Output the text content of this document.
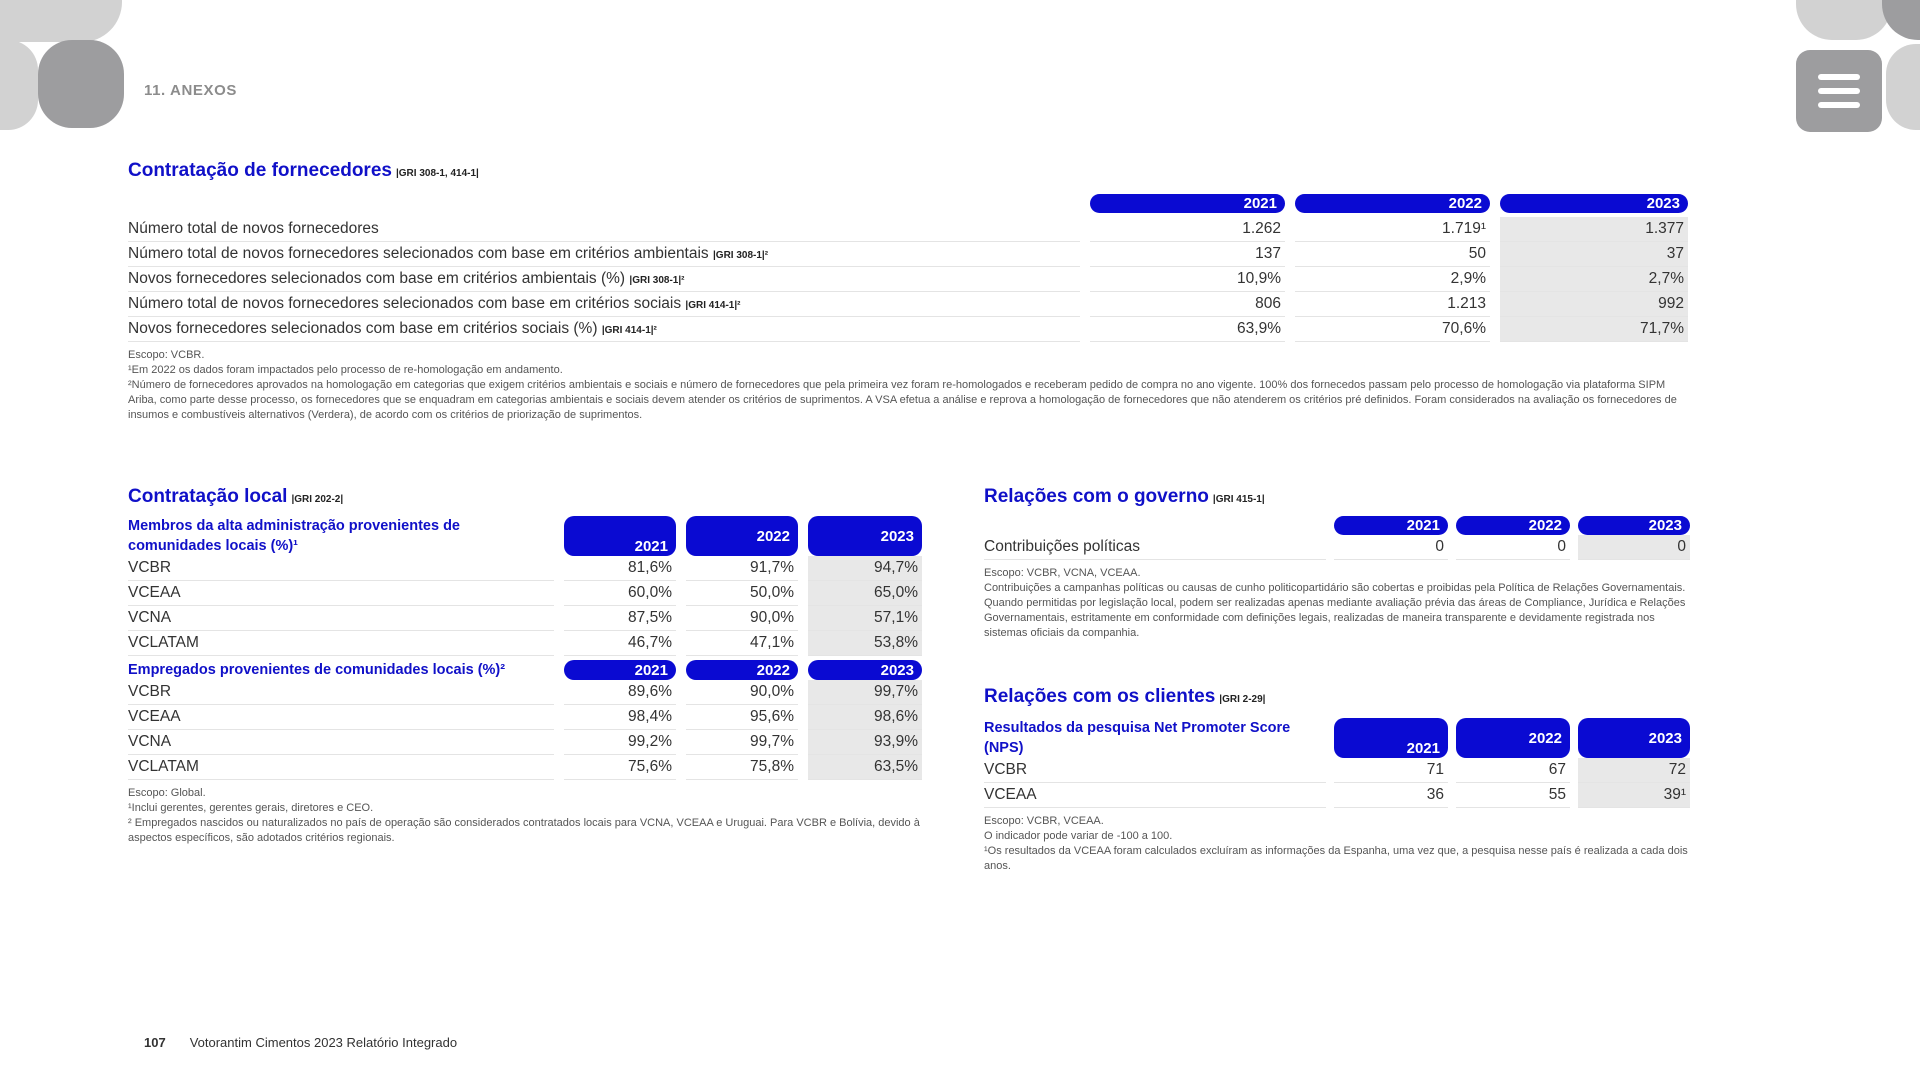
11. ANEXOS
Contratação de fornecedores |GRI 308-1, 414-1|
		2021		2022		2023

Número total de novos fornecedores		1.262		1.719¹		1.377
Número total de novos fornecedores selecionados com base em critérios ambientais |GRI 308-1|²		137		50		37
Novos fornecedores selecionados com base em critérios ambientais (%) |GRI 308-1|²		10,9%		2,9%		2,7%
Número total de novos fornecedores selecionados com base em critérios sociais |GRI 414-1|²		806		1.213		992
Novos fornecedores selecionados com base em critérios sociais (%) |GRI 414-1|²		63,9%		70,6%		71,7%
Escopo: VCBR.
¹Em 2022 os dados foram impactados pelo processo de re-homologação em andamento.
²Número de fornecedores aprovados na homologação em categorias que exigem critérios ambientais e sociais e número de fornecedores que pela primeira vez foram re-homologados e receberam pedido de compra no ano vigente. 100% dos fornecedos passam pelo processo de homologação via plataforma SIPM Ariba, como parte desse processo, os fornecedores que se enquadram em categorias ambientais e sociais devem atender os critérios de suprimentos. A VSA efetua a análise e reprova a homologação de fornecedores que não atenderem os critérios pré definidos. Foram considerados na avaliação os fornecedores de insumos e combustíveis alternativos (Verdera), de acordo com os critérios de priorização de suprimentos.
Contratação local |GRI 202-2|
Membros da alta administração provenientes de comunidades locais (%)¹		2021		2022		2023
VCBR		81,6%		91,7%		94,7%
VCEAA		60,0%		50,0%		65,0%
VCNA		87,5%		90,0%		57,1%
VCLATAM		46,7%		47,1%		53,8%

Empregados provenientes de comunidades locais (%)²		2021		2022		2023
VCBR		89,6%		90,0%		99,7%
VCEAA		98,4%		95,6%		98,6%
VCNA		99,2%		99,7%		93,9%
VCLATAM		75,6%		75,8%		63,5%
Escopo: Global.
¹Inclui gerentes, gerentes gerais, diretores e CEO.
² Empregados nascidos ou naturalizados no país de operação são considerados contratados locais para VCNA, VCEAA e Uruguai. Para VCBR e Bolívia, devido à aspectos específicos, são adotados critérios regionais.
Relações com o governo |GRI 415-1|
		2021		2022		2023
Contribuições políticas		0		0		0
Escopo: VCBR, VCNA, VCEAA.
Contribuições a campanhas políticas ou causas de cunho politicopartidário são cobertas e proibidas pela Política de Relações Governamentais. Quando permitidas por legislação local, podem ser realizadas apenas mediante avaliação prévia das áreas de Compliance, Jurídica e Relações Governamentais, estritamente em conformidade com definições legais, realizadas de maneira transparente e devidamente registrada nos sistemas oficiais da companhia.
Relações com os clientes |GRI 2-29|
Resultados da pesquisa Net Promoter Score (NPS)		2021		2022		2023
VCBR		71		67		72
VCEAA		36		55		39¹
Escopo: VCBR, VCEAA.
O indicador pode variar de -100 a 100.
¹Os resultados da VCEAA foram calculados excluíram as informações da Espanha, uma vez que, a pesquisa nesse país é realizada a cada dois anos.
107 Votorantim Cimentos 2023 Relatório Integrado
